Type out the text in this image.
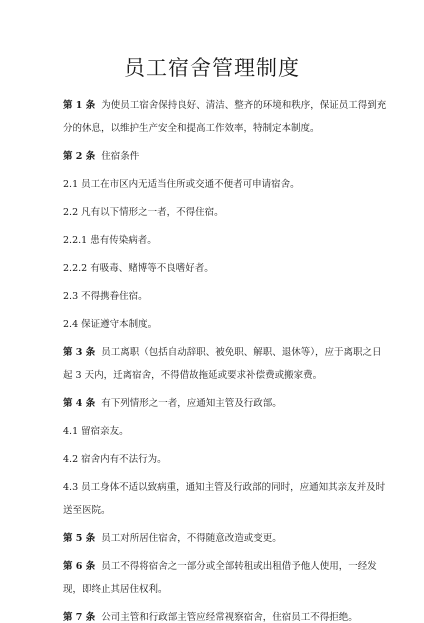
员工宿舍管理制度

第 1 条 为使员工宿舍保持良好、清洁、整齐的环境和秩序，保证员工得到充

分的休息，以维护生产安全和提高工作效率，特制定本制度。

第 2 条 住宿条件

2.1 员工在市区内无适当住所或交通不便者可申请宿舍。

2.2 凡有以下情形之一者，不得住宿。

2.2.1 患有传染病者。

2.2.2 有吸毒、赌博等不良嗜好者。

2.3 不得携眷住宿。

2.4 保证遵守本制度。

第 3 条 员工离职（包括自动辞职、被免职、解职、退休等），应于离职之日

起 3 天内，迁离宿舍，不得借故拖延或要求补偿费或搬家费。

第 4 条 有下列情形之一者，应通知主管及行政部。

4.1 留宿亲友。

4.2 宿舍内有不法行为。

4.3 员工身体不适以致病重，通知主管及行政部的同时，应通知其亲友并及时

送至医院。

第 5 条 员工对所居住宿舍，不得随意改造或变更。

第 6 条 员工不得将宿舍之一部分或全部转租或出租借予他人使用，一经发

现，即终止其居住权利。

第 7 条 公司主管和行政部主管应经常视察宿舍，住宿员工不得拒绝。
